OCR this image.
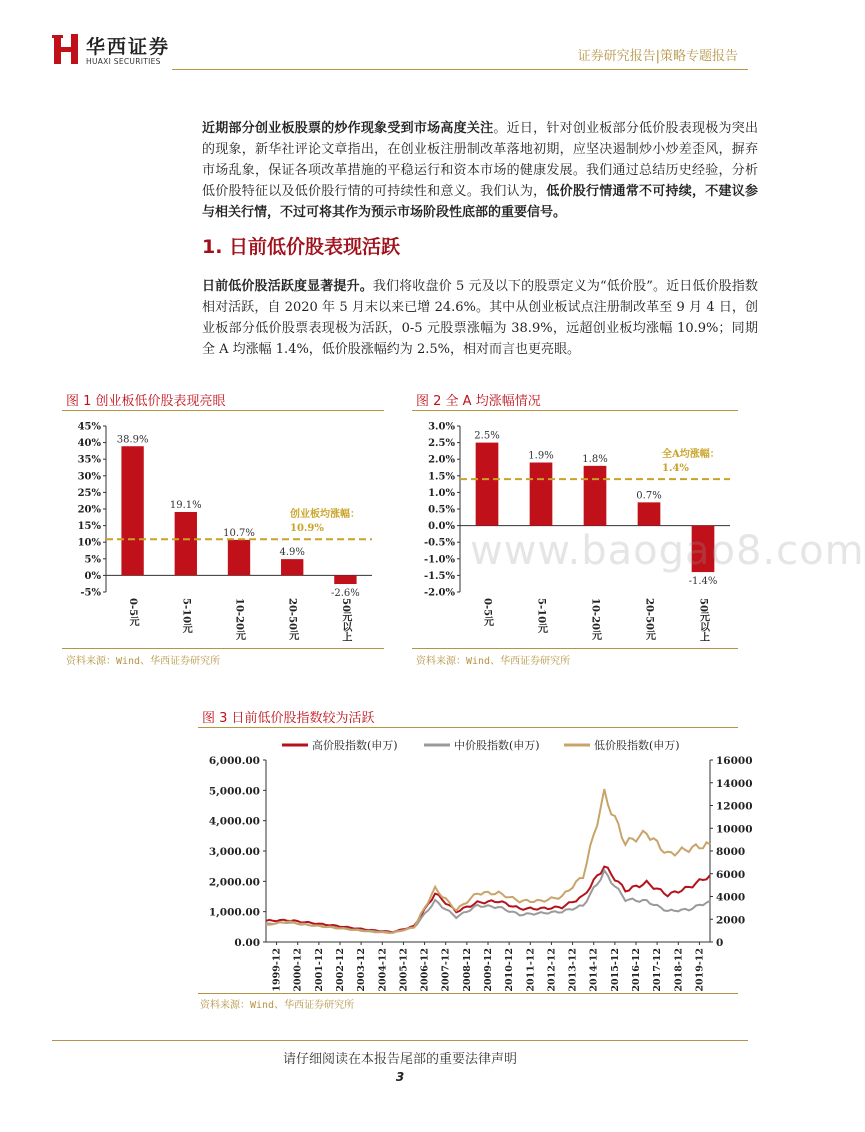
华西证券
HUAXI SECURITIES	证券研究报告|策略专题报告
近期部分创业板股票的炒作现象受到市场高度关注。近日，针对创业板部分低价股表现极为突出的现象，新华社评论文章指出，在创业板注册制改革落地初期，应坚决遏制炒小炒差歪风，摒弃市场乱象，保证各项改革措施的平稳运行和资本市场的健康发展。我们通过总结历史经验，分析低价股特征以及低价股行情的可持续性和意义。我们认为，低价股行情通常不可持续，不建议参与相关行情，不过可将其作为预示市场阶段性底部的重要信号。
1. 日前低价股表现活跃
日前低价股活跃度显著提升。我们将收盘价 5 元及以下的股票定义为“低价股”。近日低价股指数相对活跃，自 2020 年 5 月末以来已增 24.6%。其中从创业板试点注册制改革至 9 月 4 日，创业板部分低价股票表现极为活跃，0-5 元股票涨幅为 38.9%，远超创业板均涨幅 10.9%；同期全 A 均涨幅 1.4%，低价股涨幅约为 2.5%，相对而言也更亮眼。
图 1 创业板低价股表现亮眼
45%
40%
35%
30%
25%
20%
15%
10%
5%
0%
-5%
38.9%
0-5元
19.1%
5-10元
10.7%
10-20元
4.9%
20-50元
-2.6%
50元以上
创业板均涨幅：
10.9%
资料来源：Wind、华西证券研究所
图 2 全 A 均涨幅情况
3.0%
2.5%
2.0%
1.5%
1.0%
0.5%
0.0%
-0.5%
-1.0%
-1.5%
-2.0%
2.5%
0-5元
1.9%
5-10元
1.8%
10-20元
0.7%
20-50元
-1.4%
50元以上
全A均涨幅：
1.4%
资料来源：Wind、华西证券研究所
www.baogao8.com
图 3 日前低价股指数较为活跃
高价股指数(申万)	中价股指数(申万)	低价股指数(申万)
6,000.00
5,000.00
4,000.00
3,000.00
2,000.00
1,000.00
0.00
16000
14000
12000
10000
8000
6000
4000
2000
0
1999-12 2000-12 2001-12 2002-12 2003-12 2004-12 2005-12 2006-12 2007-12 2008-12 2009-12 2010-12 2011-12 2012-12 2013-12 2014-12 2015-12 2016-12 2017-12 2018-12 2019-12
资料来源：Wind、华西证券研究所
请仔细阅读在本报告尾部的重要法律声明
3
